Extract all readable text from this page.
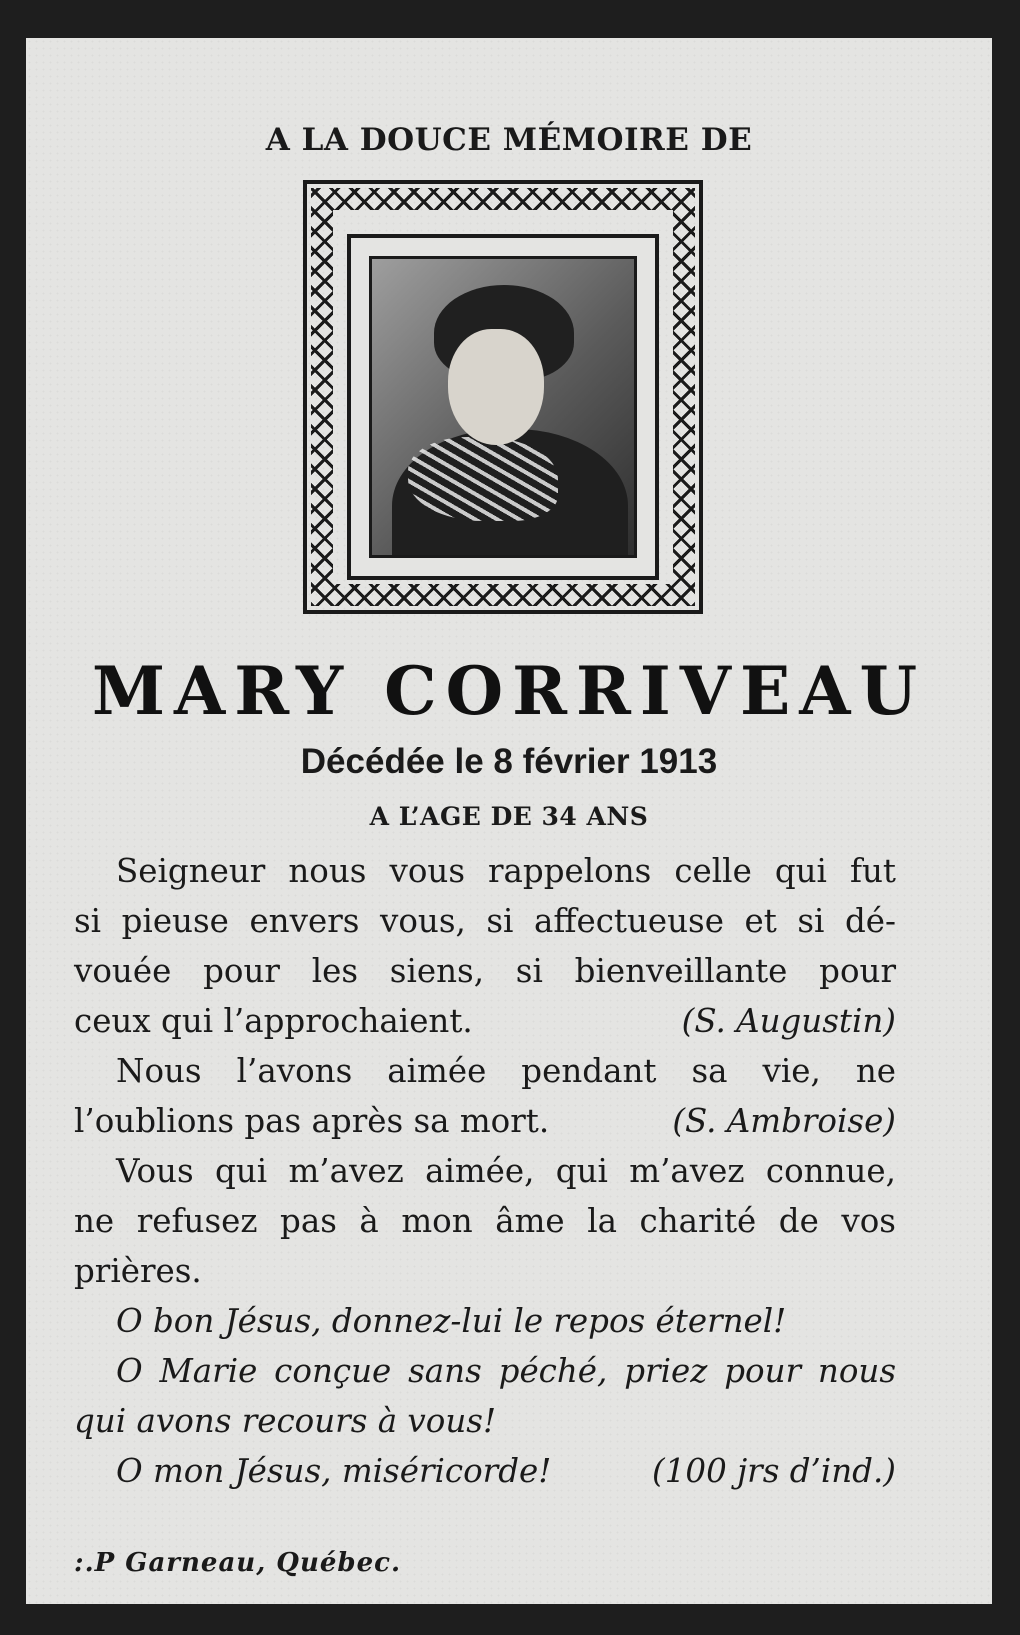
A LA DOUCE MÉMOIRE DE
MARY CORRIVEAU
Décédée le 8 février 1913
A L’AGE DE 34 ANS
Seigneur nous vous rappelons celle qui fut
si pieuse envers vous, si affectueuse et si dé-
vouée pour les siens, si bienveillante pour
ceux qui l’approchaient.	(S. Augustin)
Nous l’avons aimée pendant sa vie, ne
l’oublions pas après sa mort.	(S. Ambroise)
Vous qui m’avez aimée, qui m’avez connue,
ne refusez pas à mon âme la charité de vos
prières.
O bon Jésus, donnez-lui le repos éternel!
O Marie conçue sans péché, priez pour nous
qui avons recours à vous!
O mon Jésus, miséricorde!	(100 jrs d’ind.)
:.P Garneau, Québec.
